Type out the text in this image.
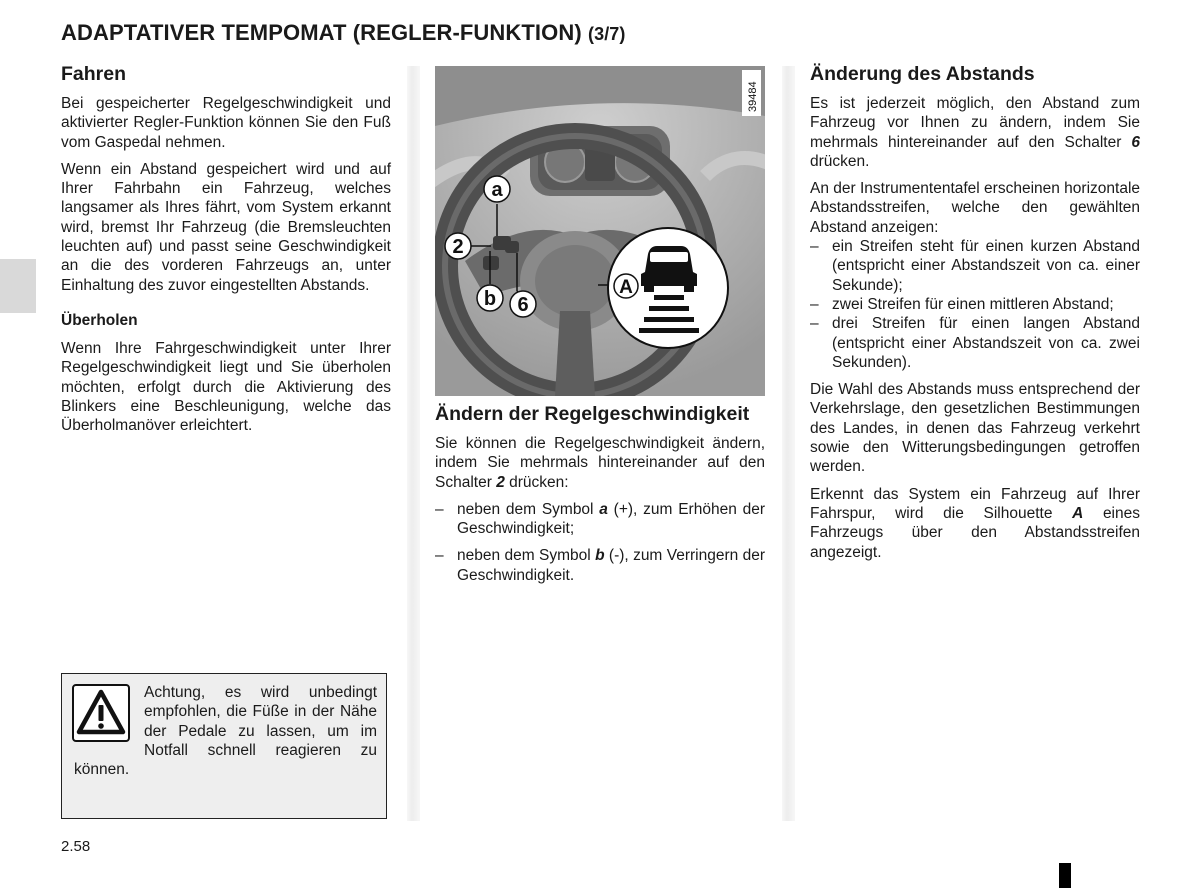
ADAPTATIVER TEMPOMAT (REGLER-FUNKTION) (3/7)
Fahren

Bei gespeicherter Regelgeschwindigkeit und aktivierter Regler-Funktion können Sie den Fuß vom Gaspedal nehmen.

Wenn ein Abstand gespeichert wird und auf Ihrer Fahrbahn ein Fahrzeug, welches langsamer als Ihres fährt, vom System erkannt wird, bremst Ihr Fahrzeug (die Bremsleuchten leuchten auf) und passt seine Geschwindigkeit an die des vorderen Fahrzeugs an, unter Einhaltung des zuvor eingestellten Abstands.

Überholen

Wenn Ihre Fahrgeschwindigkeit unter Ihrer Regelgeschwindigkeit liegt und Sie überholen möchten, erfolgt durch die Aktivierung des Blinkers eine Beschleunigung, welche das Überholmanöver erleichtert.

a
2
b 6
A
39484
Ändern der Regelgeschwindigkeit

Sie können die Regelgeschwindigkeit ändern, indem Sie mehrmals hintereinander auf den Schalter 2 drücken:

– neben dem Symbol a (+), zum Erhöhen der Geschwindigkeit;
– neben dem Symbol b (-), zum Verringern der Geschwindigkeit.
Änderung des Abstands

Es ist jederzeit möglich, den Abstand zum Fahrzeug vor Ihnen zu ändern, indem Sie mehrmals hintereinander auf den Schalter 6 drücken.

An der Instrumententafel erscheinen horizontale Abstandsstreifen, welche den gewählten Abstand anzeigen:

– ein Streifen steht für einen kurzen Abstand (entspricht einer Abstandszeit von ca. einer Sekunde);
– zwei Streifen für einen mittleren Abstand;
– drei Streifen für einen langen Abstand (entspricht einer Abstandszeit von ca. zwei Sekunden).

Die Wahl des Abstands muss entsprechend der Verkehrslage, den gesetzlichen Bestimmungen des Landes, in denen das Fahrzeug verkehrt sowie den Witterungsbedingungen getroffen werden.

Erkennt das System ein Fahrzeug auf Ihrer Fahrspur, wird die Silhouette A eines Fahrzeugs über den Abstandsstreifen angezeigt.

Achtung, es wird unbedingt empfohlen, die Füße in der Nähe der Pedale zu lassen, um im Notfall schnell reagieren zu können.
2.58
